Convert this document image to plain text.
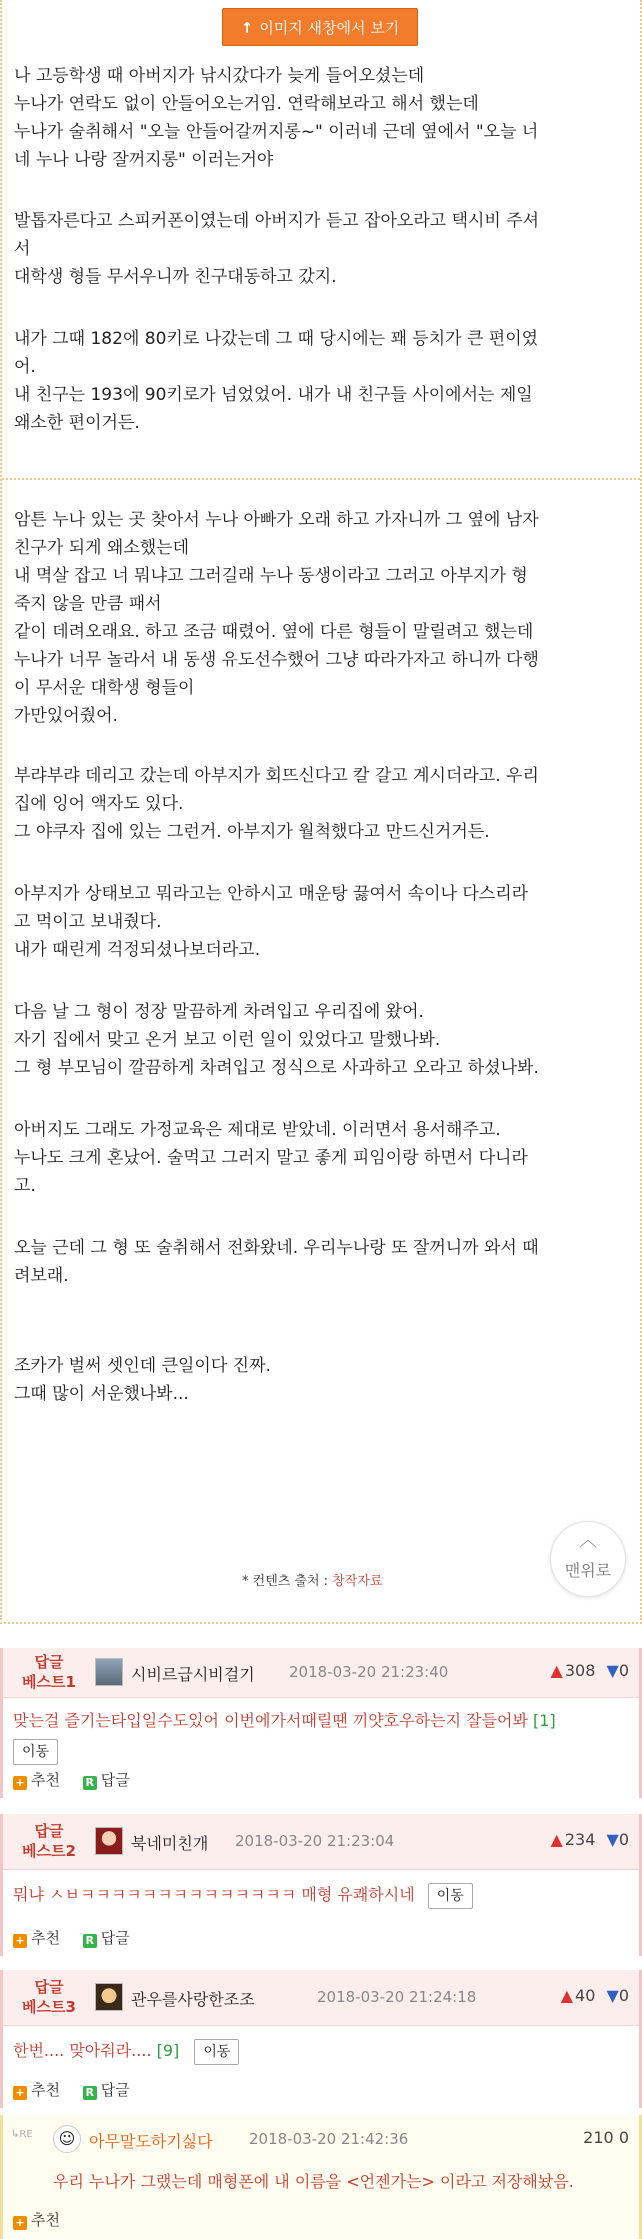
↑ 이미지 새창에서 보기
나 고등학생 때 아버지가 낚시갔다가 늦게 들어오셨는데
누나가 연락도 없이 안들어오는거임. 연락해보라고 해서 했는데
누나가 술취해서 "오늘 안들어갈꺼지롱~" 이러네 근데 옆에서 "오늘 너
네 누나 나랑 잘꺼지롱" 이러는거야
발톱자른다고 스피커폰이였는데 아버지가 듣고 잡아오라고 택시비 주셔
서
대학생 형들 무서우니까 친구대동하고 갔지.
내가 그때 182에 80키로 나갔는데 그 때 당시에는 꽤 등치가 큰 편이였
어.
내 친구는 193에 90키로가 넘었었어. 내가 내 친구들 사이에서는 제일
왜소한 편이거든.
암튼 누나 있는 곳 찾아서 누나 아빠가 오래 하고 가자니까 그 옆에 남자
친구가 되게 왜소했는데
내 멱살 잡고 너 뭐냐고 그러길래 누나 동생이라고 그러고 아부지가 형
죽지 않을 만큼 패서
같이 데려오래요. 하고 조금 때렸어. 옆에 다른 형들이 말릴려고 했는데
누나가 너무 놀라서 내 동생 유도선수했어 그냥 따라가자고 하니까 다행
이 무서운 대학생 형들이
가만있어줬어.
부랴부랴 데리고 갔는데 아부지가 회뜨신다고 칼 갈고 계시더라고. 우리
집에 잉어 액자도 있다.
그 야쿠자 집에 있는 그런거. 아부지가 월척했다고 만드신거거든.
아부지가 상태보고 뭐라고는 안하시고 매운탕 끓여서 속이나 다스리라
고 먹이고 보내줬다.
내가 때린게 걱정되셨나보더라고.
다음 날 그 형이 정장 말끔하게 차려입고 우리집에 왔어.
자기 집에서 맞고 온거 보고 이런 일이 있었다고 말했나봐.
그 형 부모님이 깔끔하게 차려입고 정식으로 사과하고 오라고 하셨나봐.
아버지도 그래도 가정교육은 제대로 받았네. 이러면서 용서해주고.
누나도 크게 혼났어. 술먹고 그러지 말고 좋게 피임이랑 하면서 다니라
고.
오늘 근데 그 형 또 술취해서 전화왔네. 우리누나랑 또 잘꺼니까 와서 때
려보래.
조카가 벌써 셋인데 큰일이다 진짜.
그때 많이 서운했나봐...
* 컨텐츠 출처 : 창작자료
︿
맨위로
답글
베스트1	시비르급시비걸기 2018-03-20 21:23:40	▲ 308 ▼0
맞는걸 즐기는타입일수도있어 이번에가서때릴땐 끼얏호우하는지 잘들어봐 [1]
이동
+ 추천 R 답글
답글
베스트2	북네미친개 2018-03-20 21:23:04	▲ 234 ▼0
뭐냐 ㅅㅂㅋㅋㅋㅋㅋㅋㅋㅋㅋㅋㅋㅋㅋㅋ 매형 유쾌하시네 이동
+ 추천 R 답글
답글
베스트3	관우를사랑한조조	2018-03-20 21:24:18	▲ 40 ▼0
한번.... 맞아줘라.... [9] 이동
+ 추천 R 답글
↳RE	☺ 아무말도하기싫다 2018-03-20 21:42:36	210 0
우리 누나가 그랬는데 매형폰에 내 이름을 <언젠가는> 이라고 저장해놨음.
+ 추천
